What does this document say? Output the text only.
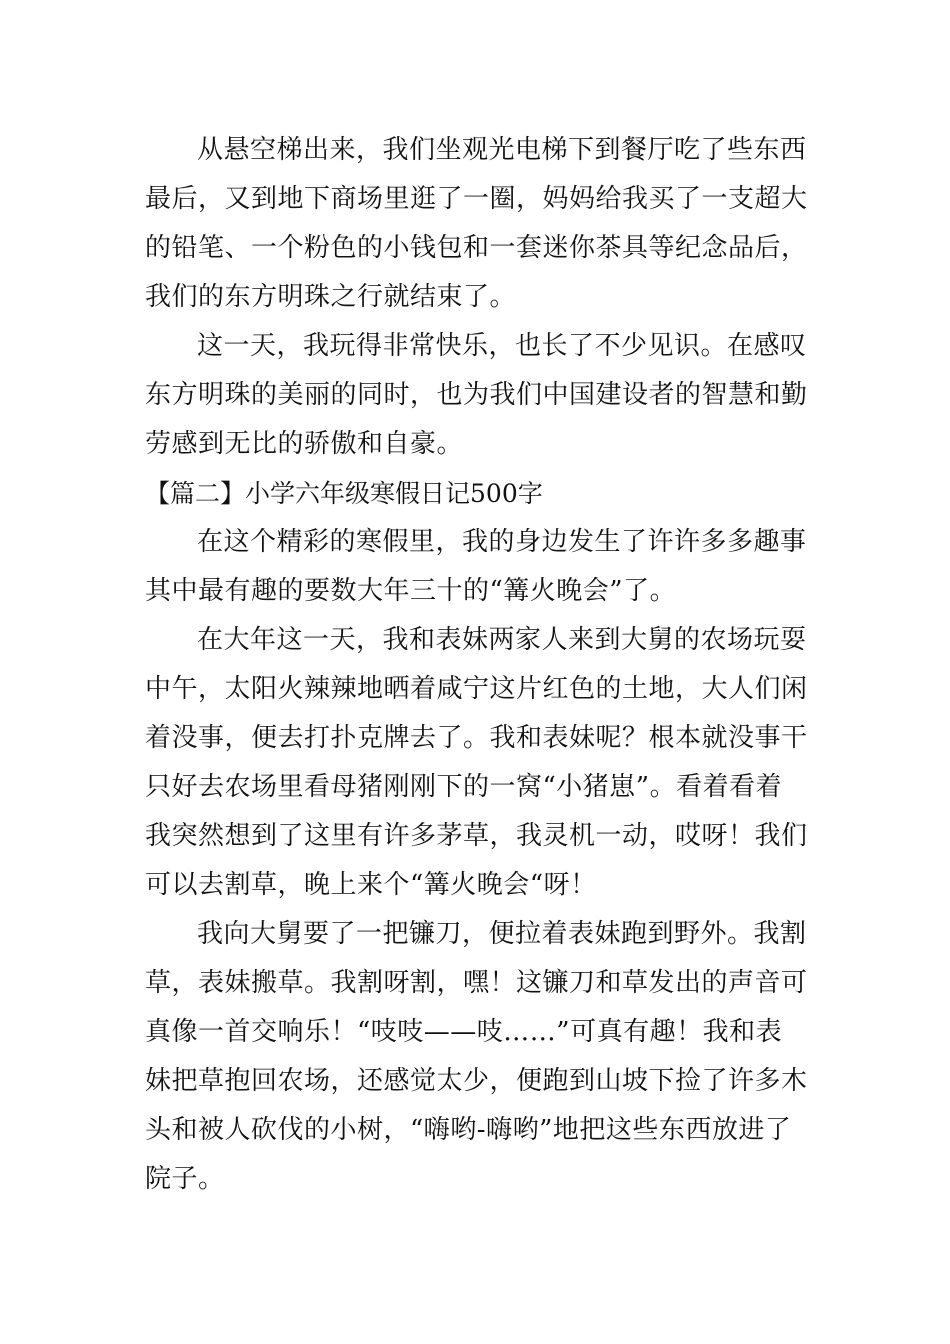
从悬空梯出来，我们坐观光电梯下到餐厅吃了些东西
最后，又到地下商场里逛了一圈，妈妈给我买了一支超大
的铅笔、一个粉色的小钱包和一套迷你茶具等纪念品后，
我们的东方明珠之行就结束了。
这一天，我玩得非常快乐，也长了不少见识。在感叹
东方明珠的美丽的同时，也为我们中国建设者的智慧和勤
劳感到无比的骄傲和自豪。
【篇二】小学六年级寒假日记500字
在这个精彩的寒假里，我的身边发生了许许多多趣事
其中最有趣的要数大年三十的“篝火晚会”了。
在大年这一天，我和表妹两家人来到大舅的农场玩耍
中午，太阳火辣辣地晒着咸宁这片红色的土地，大人们闲
着没事，便去打扑克牌去了。我和表妹呢？根本就没事干
只好去农场里看母猪刚刚下的一窝“小猪崽”。看着看着
我突然想到了这里有许多茅草，我灵机一动，哎呀！我们
可以去割草，晚上来个“篝火晚会“呀！
我向大舅要了一把镰刀，便拉着表妹跑到野外。我割
草，表妹搬草。我割呀割，嘿！这镰刀和草发出的声音可
真像一首交响乐！“吱吱——吱……”可真有趣！我和表
妹把草抱回农场，还感觉太少，便跑到山坡下捡了许多木
头和被人砍伐的小树，“嗨哟-嗨哟”地把这些东西放进了
院子。
